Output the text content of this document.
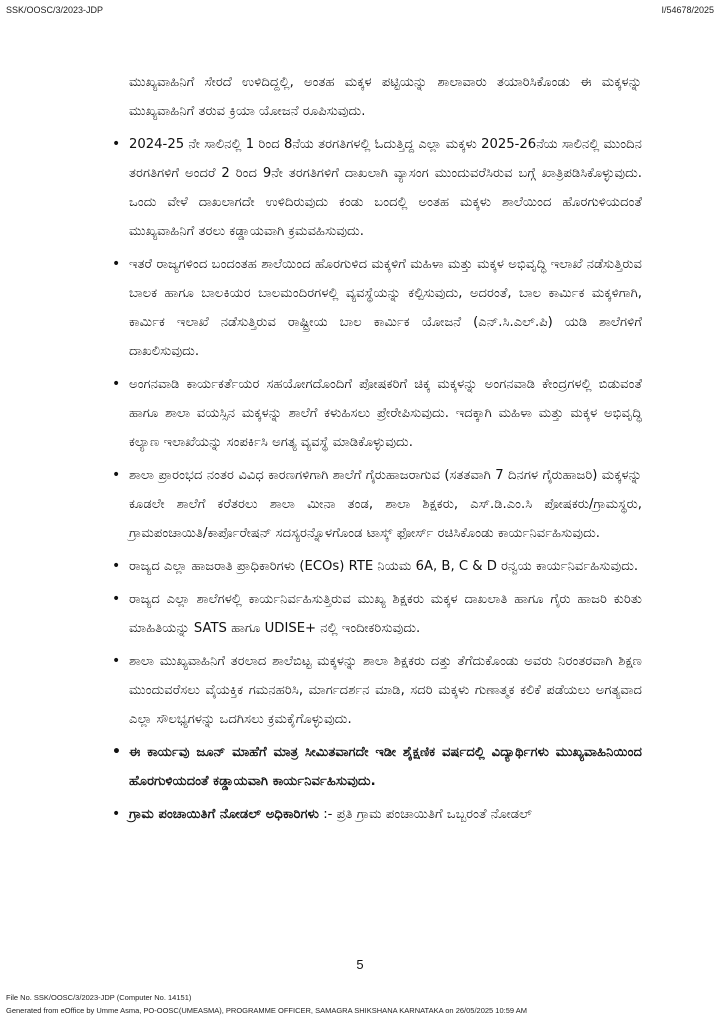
SSK/OOSC/3/2023-JDP	I/54678/2025

ಮುಖ್ಯವಾಹಿನಿಗೆ ಸೇರದೆ ಉಳಿದಿದ್ದಲ್ಲಿ, ಅಂತಹ ಮಕ್ಕಳ ಪಟ್ಟಿಯನ್ನು ಶಾಲಾವಾರು ತಯಾರಿಸಿಕೊಂಡು ಈ ಮಕ್ಕಳನ್ನು ಮುಖ್ಯವಾಹಿನಿಗೆ ತರುವ ಕ್ರಿಯಾ ಯೋಜನೆ ರೂಪಿಸುವುದು.

• 2024-25 ನೇ ಸಾಲಿನಲ್ಲಿ 1 ರಿಂದ 8ನೆಯ ತರಗತಿಗಳಲ್ಲಿ ಓದುತ್ತಿದ್ದ ಎಲ್ಲಾ ಮಕ್ಕಳು 2025-26ನೆಯ ಸಾಲಿನಲ್ಲಿ ಮುಂದಿನ ತರಗತಿಗಳಿಗೆ ಅಂದರೆ 2 ರಿಂದ 9ನೇ ತರಗತಿಗಳಿಗೆ ದಾಖಲಾಗಿ ವ್ಯಾಸಂಗ ಮುಂದುವರೆಸಿರುವ ಬಗ್ಗೆ ಖಾತ್ರಿಪಡಿಸಿಕೊಳ್ಳುವುದು. ಒಂದು ವೇಳೆ ದಾಖಲಾಗದೇ ಉಳಿದಿರುವುದು ಕಂಡು ಬಂದಲ್ಲಿ ಅಂತಹ ಮಕ್ಕಳು ಶಾಲೆಯಿಂದ ಹೊರಗುಳಿಯದಂತೆ ಮುಖ್ಯವಾಹಿನಿಗೆ ತರಲು ಕಡ್ಡಾಯವಾಗಿ ಕ್ರಮವಹಿಸುವುದು.
• ಇತರೆ ರಾಜ್ಯಗಳಿಂದ ಬಂದಂತಹ ಶಾಲೆಯಿಂದ ಹೊರಗುಳಿದ ಮಕ್ಕಳಿಗೆ ಮಹಿಳಾ ಮತ್ತು ಮಕ್ಕಳ ಅಭಿವೃದ್ಧಿ ಇಲಾಖೆ ನಡೆಸುತ್ತಿರುವ ಬಾಲಕ ಹಾಗೂ ಬಾಲಕಿಯರ ಬಾಲಮಂದಿರಗಳಲ್ಲಿ ವ್ಯವಸ್ಥೆಯನ್ನು ಕಲ್ಪಿಸುವುದು, ಅದರಂತೆ, ಬಾಲ ಕಾರ್ಮಿಕ ಮಕ್ಕಳಿಗಾಗಿ, ಕಾರ್ಮಿಕ ಇಲಾಖೆ ನಡೆಸುತ್ತಿರುವ ರಾಷ್ಟ್ರೀಯ ಬಾಲ ಕಾರ್ಮಿಕ ಯೋಜನೆ (ಎನ್.ಸಿ.ಎಲ್.ಪಿ) ಯಡಿ ಶಾಲೆಗಳಿಗೆ ದಾಖಲಿಸುವುದು.
• ಅಂಗನವಾಡಿ ಕಾರ್ಯಕರ್ತೆಯರ ಸಹಯೋಗದೊಂದಿಗೆ ಪೋಷಕರಿಗೆ ಚಿಕ್ಕ ಮಕ್ಕಳನ್ನು ಅಂಗನವಾಡಿ ಕೇಂದ್ರಗಳಲ್ಲಿ ಬಿಡುವಂತೆ ಹಾಗೂ ಶಾಲಾ ವಯಸ್ಸಿನ ಮಕ್ಕಳನ್ನು ಶಾಲೆಗೆ ಕಳುಹಿಸಲು ಪ್ರೇರೇಪಿಸುವುದು. ಇದಕ್ಕಾಗಿ ಮಹಿಳಾ ಮತ್ತು ಮಕ್ಕಳ ಅಭಿವೃದ್ಧಿ ಕಲ್ಯಾಣ ಇಲಾಖೆಯನ್ನು ಸಂಪರ್ಕಿಸಿ ಅಗತ್ಯ ವ್ಯವಸ್ಥೆ ಮಾಡಿಕೊಳ್ಳುವುದು.
• ಶಾಲಾ ಪ್ರಾರಂಭದ ನಂತರ ವಿವಿಧ ಕಾರಣಗಳಿಗಾಗಿ ಶಾಲೆಗೆ ಗೈರುಹಾಜರಾಗುವ (ಸತತವಾಗಿ 7 ದಿನಗಳ ಗೈರುಹಾಜರಿ) ಮಕ್ಕಳನ್ನು ಕೂಡಲೇ ಶಾಲೆಗೆ ಕರೆತರಲು ಶಾಲಾ ಮೀನಾ ತಂಡ, ಶಾಲಾ ಶಿಕ್ಷಕರು, ಎಸ್.ಡಿ.ಎಂ.ಸಿ ಪೋಷಕರು/ಗ್ರಾಮಸ್ಥರು, ಗ್ರಾಮಪಂಚಾಯಿತಿ/ಕಾರ್ಪೊರೇಷನ್ ಸದಸ್ಯರನ್ನೊಳಗೊಂಡ ಟಾಸ್ಕ್ ಫೋರ್ಸ್ ರಚಿಸಿಕೊಂಡು ಕಾರ್ಯನಿರ್ವಹಿಸುವುದು.
• ರಾಜ್ಯದ ಎಲ್ಲಾ ಹಾಜರಾತಿ ಪ್ರಾಧಿಕಾರಿಗಳು (ECOs) RTE ನಿಯಮ 6A, B, C & D ರನ್ವಯ ಕಾರ್ಯನಿರ್ವಹಿಸುವುದು.
• ರಾಜ್ಯದ ಎಲ್ಲಾ ಶಾಲೆಗಳಲ್ಲಿ ಕಾರ್ಯನಿರ್ವಹಿಸುತ್ತಿರುವ ಮುಖ್ಯ ಶಿಕ್ಷಕರು ಮಕ್ಕಳ ದಾಖಲಾತಿ ಹಾಗೂ ಗೈರು ಹಾಜರಿ ಕುರಿತು ಮಾಹಿತಿಯನ್ನು SATS ಹಾಗೂ UDISE+ ನಲ್ಲಿ ಇಂದೀಕರಿಸುವುದು.
• ಶಾಲಾ ಮುಖ್ಯವಾಹಿನಿಗೆ ತರಲಾದ ಶಾಲೆಬಿಟ್ಟ ಮಕ್ಕಳನ್ನು ಶಾಲಾ ಶಿಕ್ಷಕರು ದತ್ತು ತೆಗೆದುಕೊಂಡು ಅವರು ನಿರಂತರವಾಗಿ ಶಿಕ್ಷಣ ಮುಂದುವರೆಸಲು ವೈಯಕ್ತಿಕ ಗಮನಹರಿಸಿ, ಮಾರ್ಗದರ್ಶನ ಮಾಡಿ, ಸದರಿ ಮಕ್ಕಳು ಗುಣಾತ್ಮಕ ಕಲಿಕೆ ಪಡೆಯಲು ಅಗತ್ಯವಾದ ಎಲ್ಲಾ ಸೌಲಭ್ಯಗಳನ್ನು ಒದಗಿಸಲು ಕ್ರಮಕೈಗೊಳ್ಳುವುದು.
• ಈ ಕಾರ್ಯವು ಜೂನ್ ಮಾಹೆಗೆ ಮಾತ್ರ ಸೀಮಿತವಾಗದೇ ಇಡೀ ಶೈಕ್ಷಣಿಕ ವರ್ಷದಲ್ಲಿ ವಿದ್ಯಾರ್ಥಿಗಳು ಮುಖ್ಯವಾಹಿನಿಯಿಂದ ಹೊರಗುಳಿಯದಂತೆ ಕಡ್ಡಾಯವಾಗಿ ಕಾರ್ಯನಿರ್ವಹಿಸುವುದು.
• ಗ್ರಾಮ ಪಂಚಾಯಿತಿಗೆ ನೋಡಲ್ ಅಧಿಕಾರಿಗಳು :- ಪ್ರತಿ ಗ್ರಾಮ ಪಂಚಾಯಿತಿಗೆ ಒಬ್ಬರಂತೆ ನೋಡಲ್
5
File No. SSK/OOSC/3/2023-JDP (Computer No. 14151)
Generated from eOffice by Umme Asma, PO-OOSC(UMEASMA), PROGRAMME OFFICER, SAMAGRA SHIKSHANA KARNATAKA on 26/05/2025 10:59 AM
